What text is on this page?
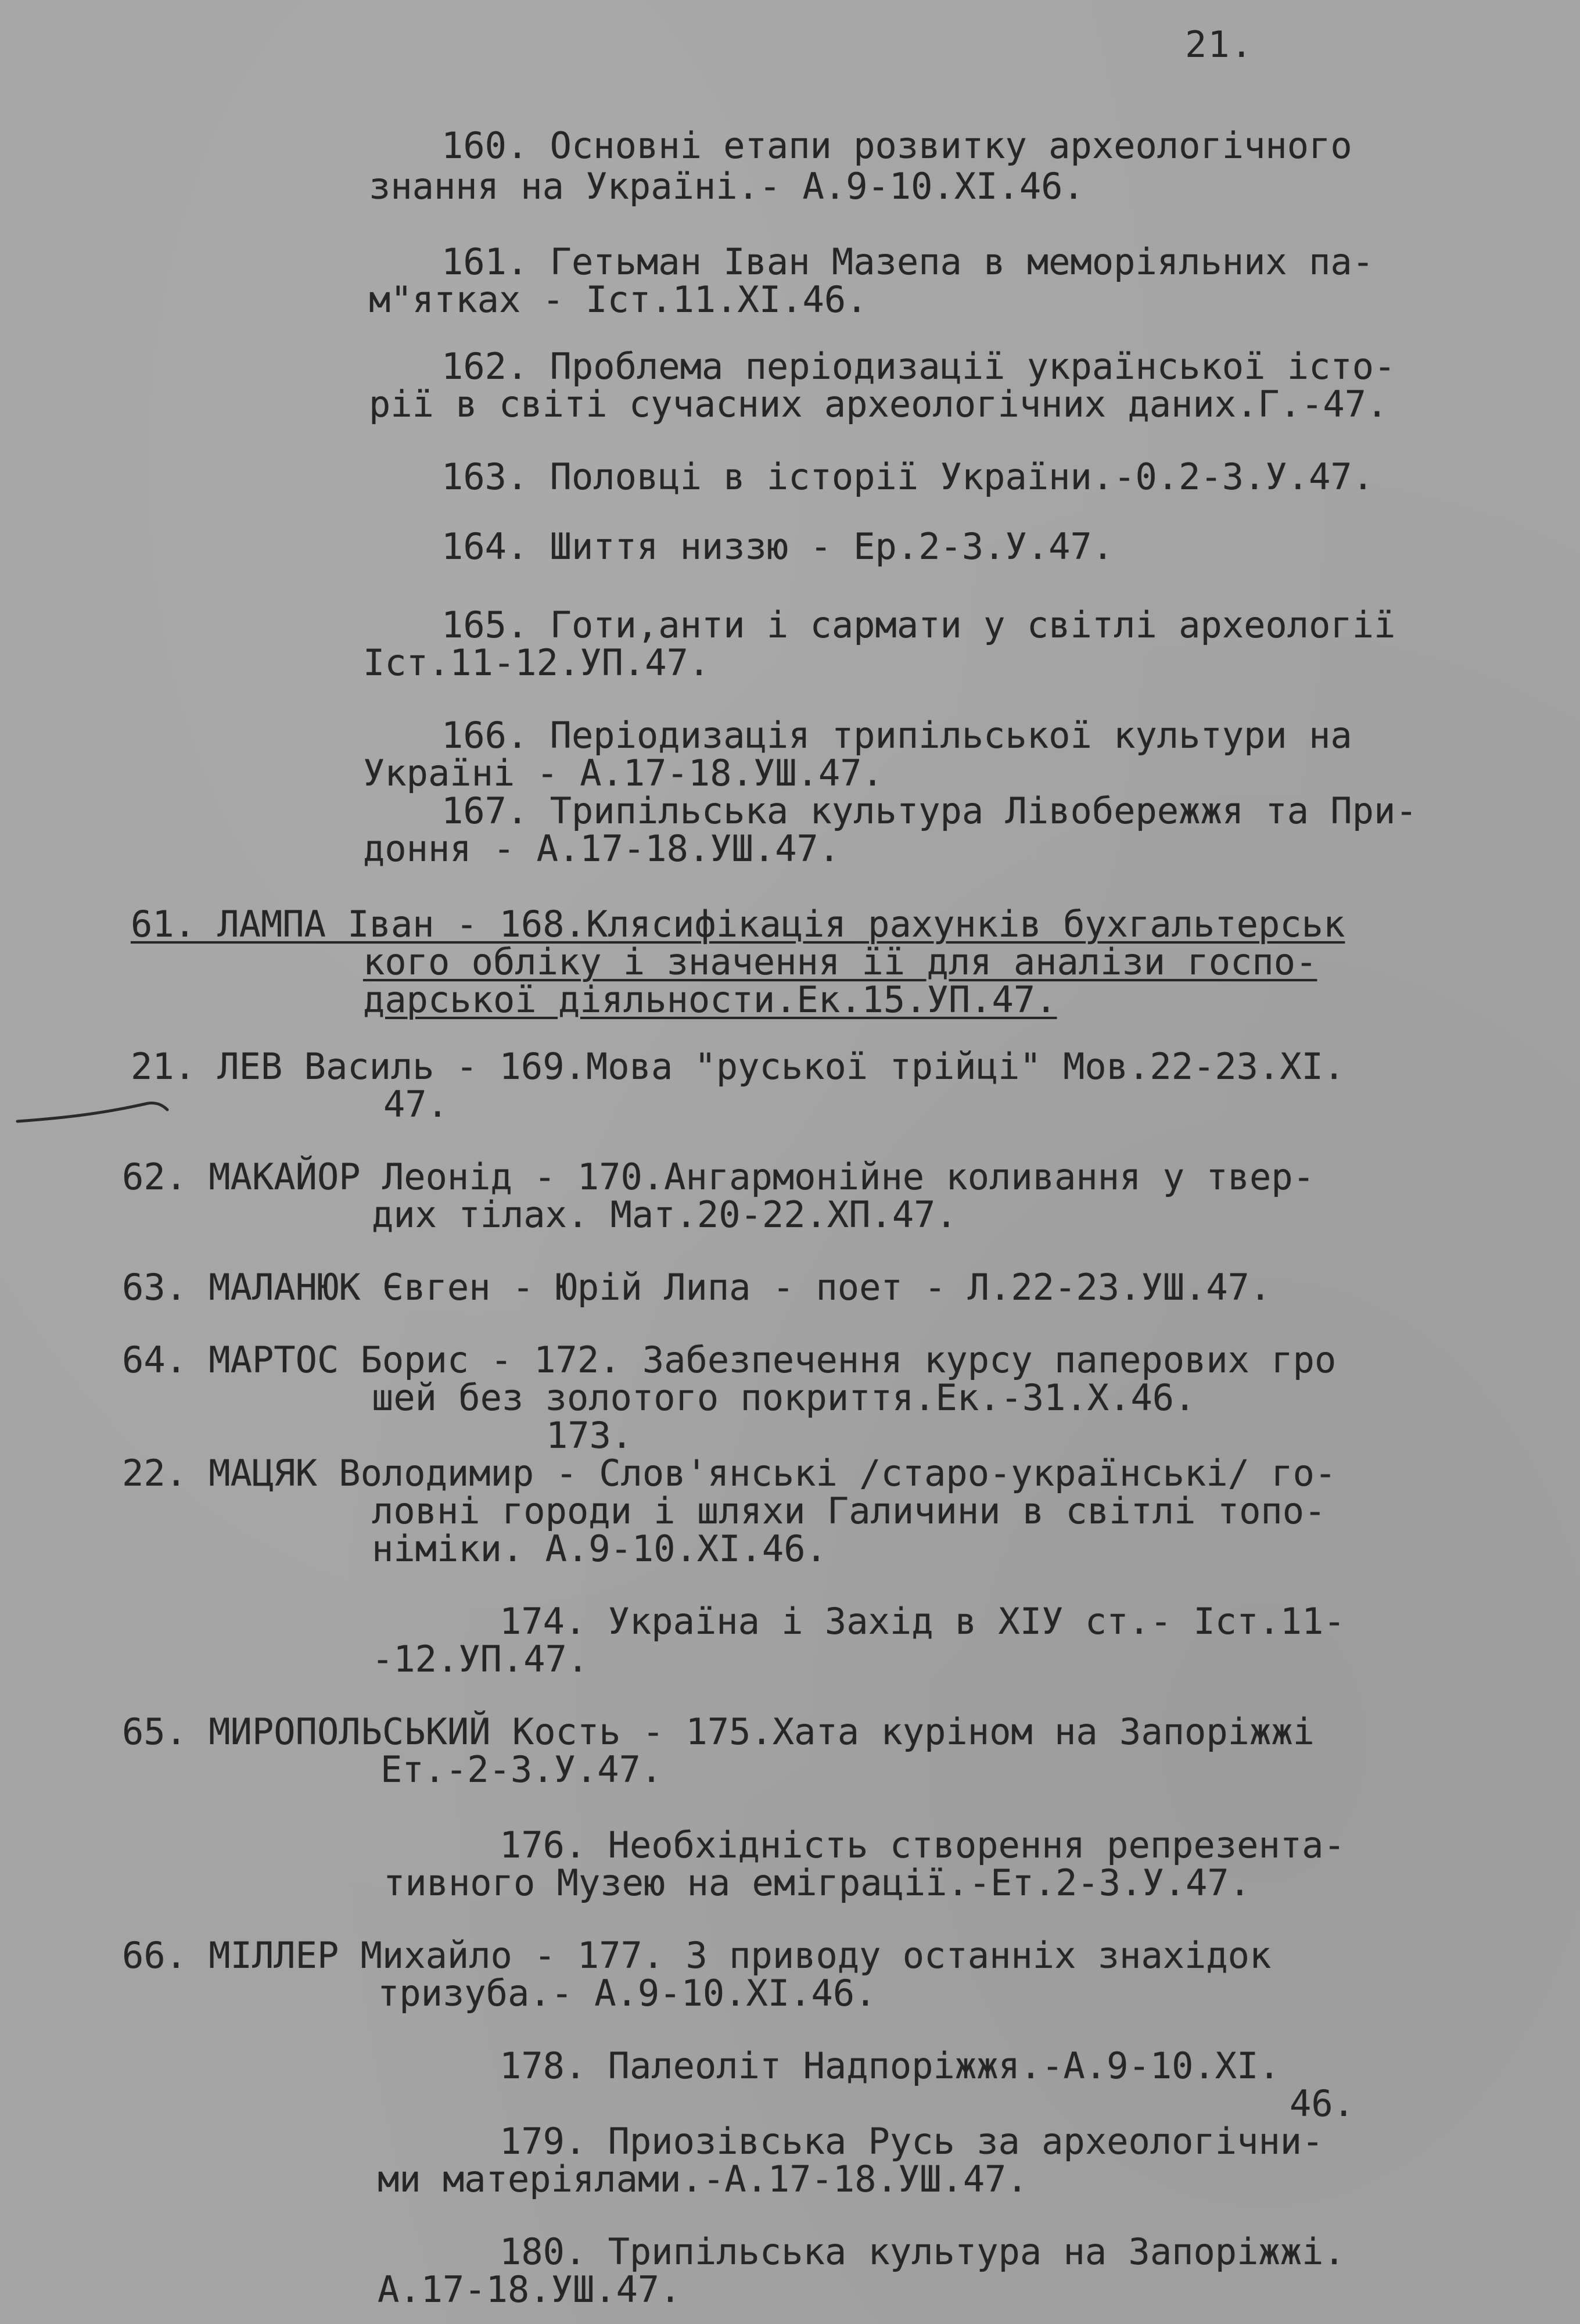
21.

160. Основні етапи розвитку археологічного

знання на Україні.- А.9-10.XI.46.

161. Гетьман Іван Мазепа в меморіяльних па-

м"ятках - Іст.11.XI.46.

162. Проблема періодизації української істо-

рії в світі сучасних археологічних даних.Г.-47.

163. Половці в історії України.-0.2-3.У.47.

164. Шиття низзю - Ер.2-3.У.47.

165. Готи,анти і сармати у світлі археології

Іст.11-12.УП.47.

166. Періодизація трипільської культури на

Україні - А.17-18.УШ.47.

167. Трипільська культура Лівобережжя та При-

доння - А.17-18.УШ.47.

61. ЛАМПА Іван - 168.Клясифікація рахунків бухгальтерськ

кого обліку і значення її для аналізи госпо-

дарської діяльности.Ек.15.УП.47.

21. ЛЕВ Василь - 169.Мова "руської трійці" Мов.22-23.XI.

47.

62. МАКАЙОР Леонід - 170.Ангармонійне коливання у твер-

дих тілах. Мат.20-22.ХП.47.

63. МАЛАНЮК Євген - Юрій Липа - поет - Л.22-23.УШ.47.

64. МАРТОС Борис - 172. Забезпечення курсу паперових гро

шей без золотого покриття.Ек.-31.X.46.

173.

22. МАЦЯК Володимир - Слов'янські /старо-українські/ го-

ловні городи і шляхи Галичини в світлі топо-

німіки. А.9-10.XI.46.

174. Україна і Захід в XIУ ст.- Іст.11-

-12.УП.47.

65. МИРОПОЛЬСЬКИЙ Кость - 175.Хата куріном на Запоріжжі

Ет.-2-3.У.47.

176. Необхідність створення репрезента-

тивного Музею на еміграції.-Ет.2-3.У.47.

66. МІЛЛЕР Михайло - 177. З приводу останніх знахідок

тризуба.- А.9-10.XI.46.

178. Палеоліт Надпоріжжя.-А.9-10.XI.

46.

179. Приозівська Русь за археологічни-

ми матеріялами.-А.17-18.УШ.47.

180. Трипільська культура на Запоріжжі.

А.17-18.УШ.47.
